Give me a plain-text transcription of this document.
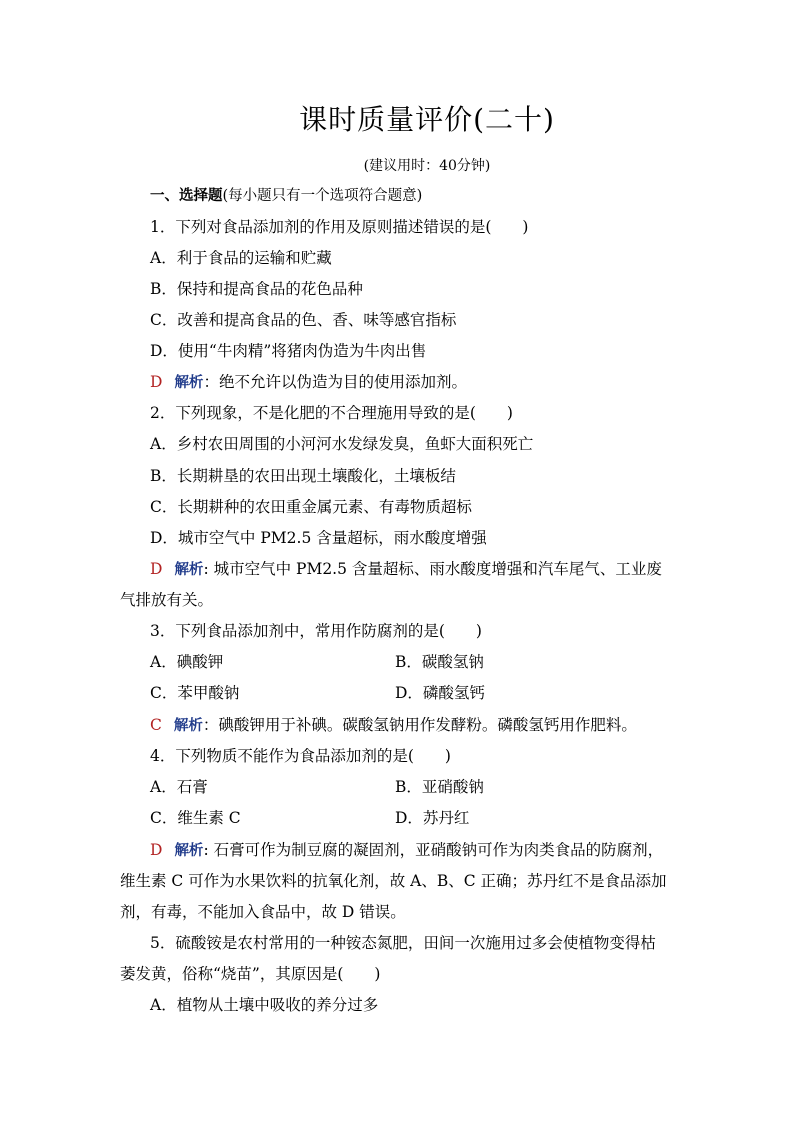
课时质量评价(二十)
(建议用时：40分钟)
一、选择题(每小题只有一个选项符合题意)
1．下列对食品添加剂的作用及原则描述错误的是(　　)
A．利于食品的运输和贮藏
B．保持和提高食品的花色品种
C．改善和提高食品的色、香、味等感官指标
D．使用“牛肉精”将猪肉伪造为牛肉出售
D 解析：绝不允许以伪造为目的使用添加剂。
2．下列现象，不是化肥的不合理施用导致的是(　　)
A．乡村农田周围的小河河水发绿发臭，鱼虾大面积死亡
B．长期耕垦的农田出现土壤酸化，土壤板结
C．长期耕种的农田重金属元素、有毒物质超标
D．城市空气中 PM2.5 含量超标，雨水酸度增强
D 解析: 城市空气中 PM2.5 含量超标、雨水酸度增强和汽车尾气、工业废
气排放有关。
3．下列食品添加剂中，常用作防腐剂的是(　　)
A．碘酸钾	B．碳酸氢钠
C．苯甲酸钠	D．磷酸氢钙
C 解析：碘酸钾用于补碘。碳酸氢钠用作发酵粉。磷酸氢钙用作肥料。
4．下列物质不能作为食品添加剂的是(　　)
A．石膏	B．亚硝酸钠
C．维生素 C	D．苏丹红
D 解析: 石膏可作为制豆腐的凝固剂，亚硝酸钠可作为肉类食品的防腐剂，
维生素 C 可作为水果饮料的抗氧化剂，故 A、B、C 正确；苏丹红不是食品添加
剂，有毒，不能加入食品中，故 D 错误。
5．硫酸铵是农村常用的一种铵态氮肥，田间一次施用过多会使植物变得枯
萎发黄，俗称“烧苗”，其原因是(　　)
A．植物从土壤中吸收的养分过多
